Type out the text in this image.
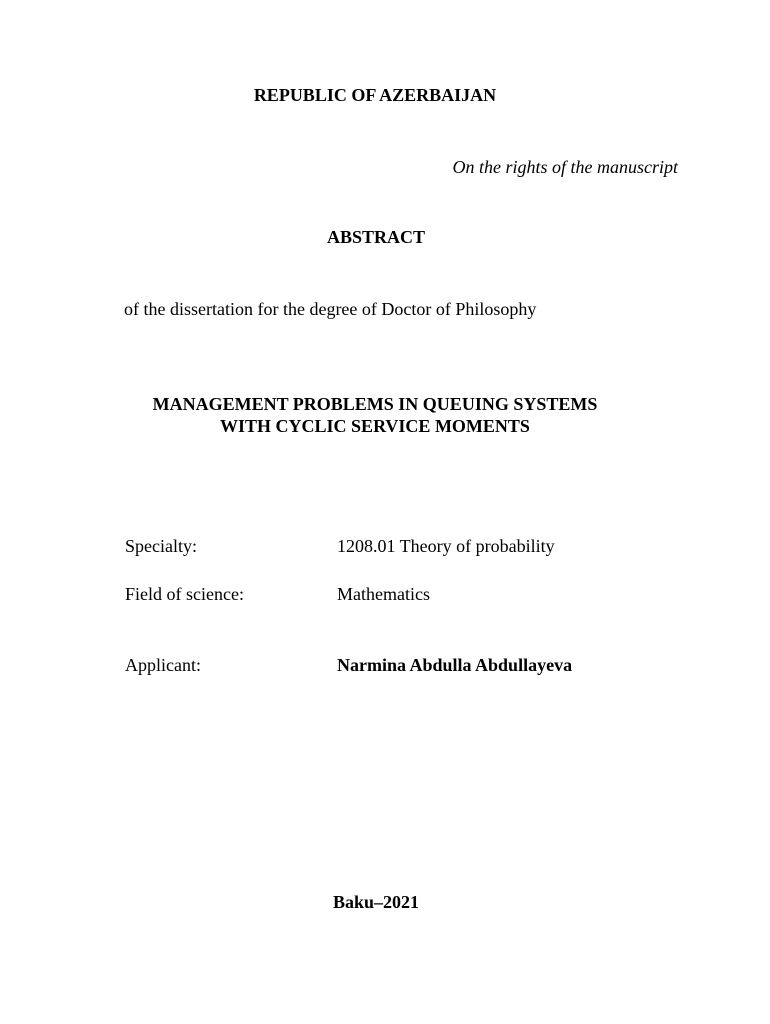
REPUBLIC OF AZERBAIJAN
On the rights of the manuscript
ABSTRACT
of the dissertation for the degree of Doctor of Philosophy
MANAGEMENT PROBLEMS IN QUEUING SYSTEMS
WITH CYCLIC SERVICE MOMENTS
Specialty:	1208.01 Theory of probability
Field of science:	Mathematics
Applicant:	Narmina Abdulla Abdullayeva
Baku–2021
